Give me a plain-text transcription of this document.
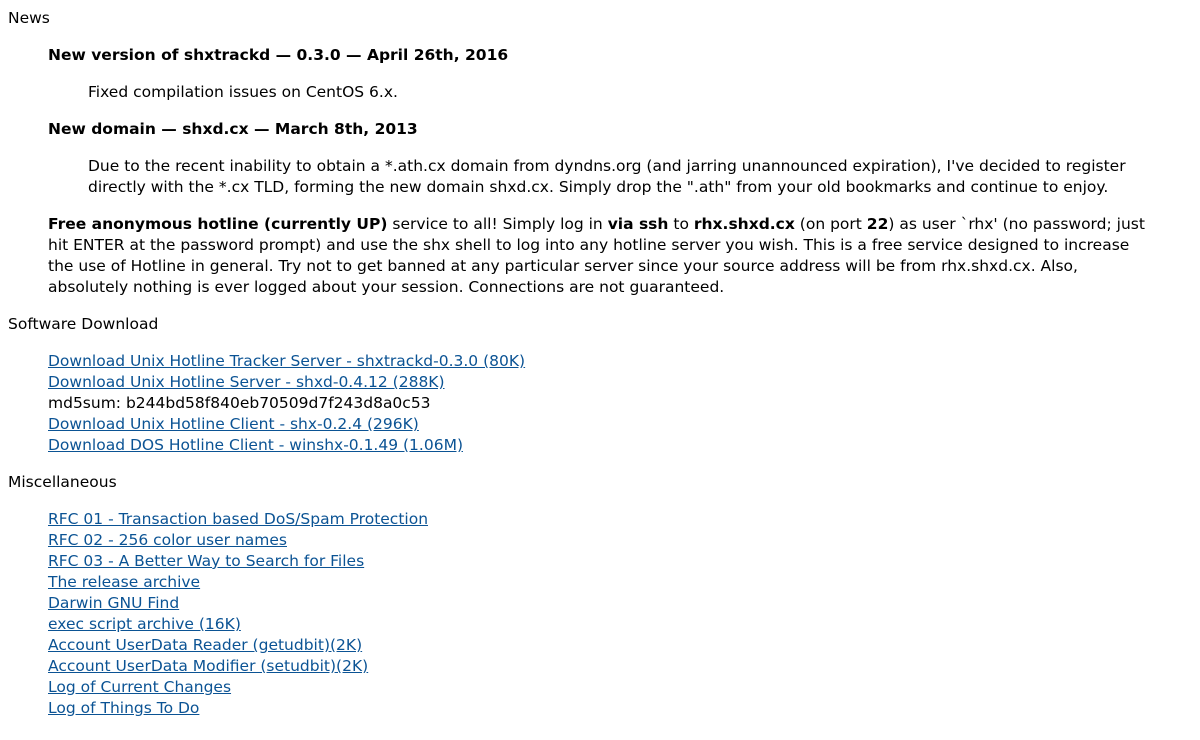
News
New version of shxtrackd — 0.3.0 — April 26th, 2016
Fixed compilation issues on CentOS 6.x.
New domain — shxd.cx — March 8th, 2013
Due to the recent inability to obtain a *.ath.cx domain from dyndns.org (and jarring unannounced expiration), I've decided to register directly with the *.cx TLD, forming the new domain shxd.cx. Simply drop the ".ath" from your old bookmarks and continue to enjoy.
Free anonymous hotline (currently UP) service to all! Simply log in via ssh to rhx.shxd.cx (on port 22) as user `rhx' (no password; just hit ENTER at the password prompt) and use the shx shell to log into any hotline server you wish. This is a free service designed to increase the use of Hotline in general. Try not to get banned at any particular server since your source address will be from rhx.shxd.cx. Also, absolutely nothing is ever logged about your session. Connections are not guaranteed.
Software Download
Download Unix Hotline Tracker Server - shxtrackd-0.3.0 (80K)
Download Unix Hotline Server - shxd-0.4.12 (288K)
md5sum: b244bd58f840eb70509d7f243d8a0c53
Download Unix Hotline Client - shx-0.2.4 (296K)
Download DOS Hotline Client - winshx-0.1.49 (1.06M)
Miscellaneous
RFC 01 - Transaction based DoS/Spam Protection
RFC 02 - 256 color user names
RFC 03 - A Better Way to Search for Files
The release archive
Darwin GNU Find
exec script archive (16K)
Account UserData Reader (getudbit)(2K)
Account UserData Modifier (setudbit)(2K)
Log of Current Changes
Log of Things To Do
